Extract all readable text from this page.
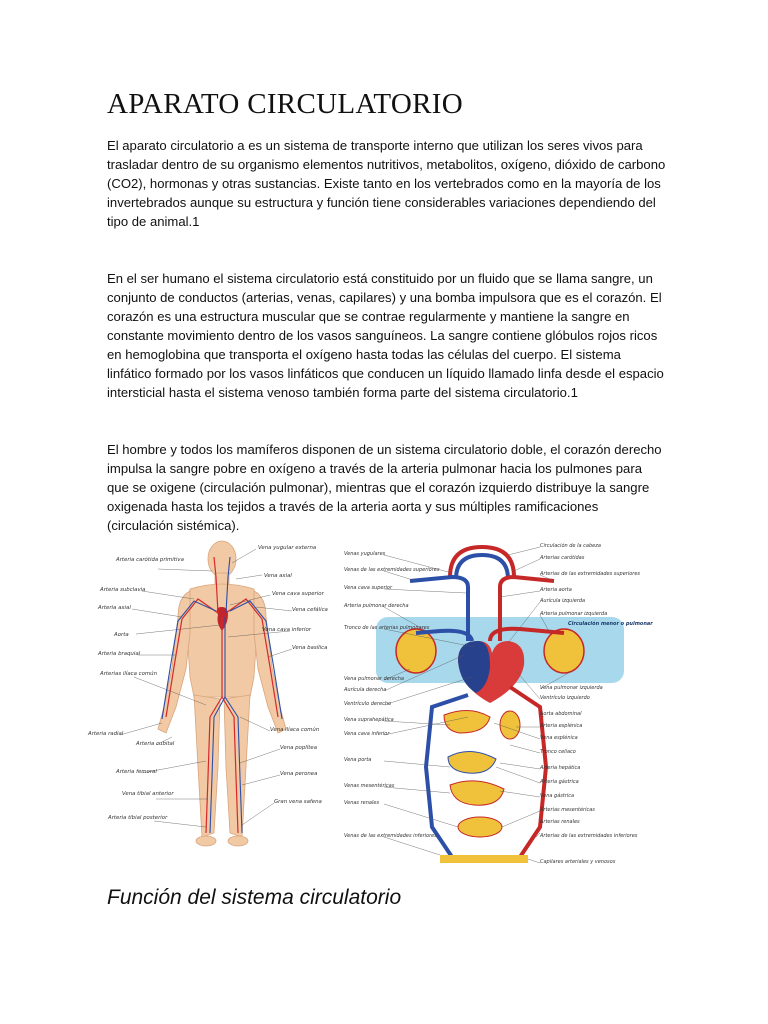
APARATO CIRCULATORIO

El aparato circulatorio a es un sistema de transporte interno que utilizan los seres vivos para trasladar dentro de su organismo elementos nutritivos, metabolitos, oxígeno, dióxido de carbono (CO2), hormonas y otras sustancias. Existe tanto en los vertebrados como en la mayoría de los invertebrados aunque su estructura y función tiene considerables variaciones dependiendo del tipo de animal.1

En el ser humano el sistema circulatorio está constituido por un fluido que se llama sangre, un conjunto de conductos (arterias, venas, capilares) y una bomba impulsora que es el corazón. El corazón es una estructura muscular que se contrae regularmente y mantiene la sangre en constante movimiento dentro de los vasos sanguíneos. La sangre contiene glóbulos rojos ricos en hemoglobina que transporta el oxígeno hasta todas las células del cuerpo. El sistema linfático formado por los vasos linfáticos que conducen un líquido llamado linfa desde el espacio intersticial hasta el sistema venoso también forma parte del sistema circulatorio.1

El hombre y todos los mamíferos disponen de un sistema circulatorio doble, el corazón derecho impulsa la sangre pobre en oxígeno a través de la arteria pulmonar hacia los pulmones para que se oxigene (circulación pulmonar), mientras que el corazón izquierdo distribuye la sangre oxigenada hasta los tejidos a través de la arteria aorta y sus múltiples ramificaciones (circulación sistémica).

Arteria carótida primitiva
Arteria subclavia
Arteria axial
Aorta
Arteria braquial
Arterias ilíaca común
Arteria radial
Arteria cubital
Arteria femoral
Vena tibial anterior
Arteria tibial posterior
Vena yugular externa
Vena axial
Vena cava superior
Vena cefálica
Vena cava inferior
Vena basílica
Vena ilíaca común
Vena poplítea
Vena peronea
Gran vena safena
Venas yugulares
Venas de las extremidades superiores
Vena cava superior
Arteria pulmonar derecha
Tronco de las arterias pulmonares
Vena pulmonar derecha
Aurícula derecha
Ventrículo derecho
Vena suprahepática
Vena cava inferior
Vena porta
Venas mesentéricas
Venas renales
Venas de las extremidades inferiores
Circulación de la cabeza
Arterias carótidas
Arterias de las extremidades superiores
Arteria aorta
Aurícula izquierda
Arteria pulmonar izquierda
Circulación menor o pulmonar
Vena pulmonar izquierda
Ventrículo izquierdo
Aorta abdominal
Arteria esplénica
Vena esplénica
Tronco celíaco
Arteria hepática
Arteria gástrica
Vena gástrica
Arterias mesentéricas
Arterias renales
Arterias de las extremidades inferiores
Capilares arteriales y venosos
Función del sistema circulatorio
